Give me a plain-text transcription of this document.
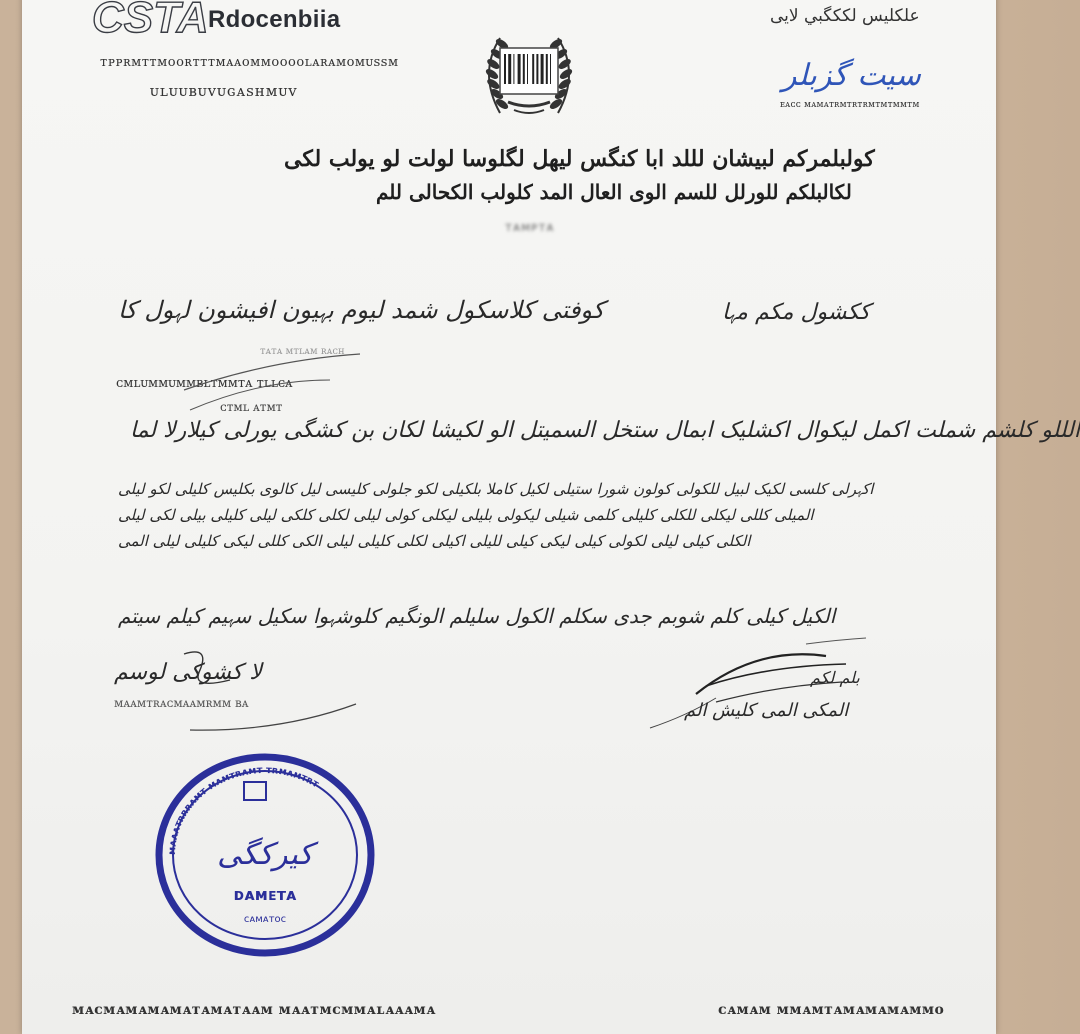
CSTA Rdocenbiia
ᴛᴘᴘʀᴍᴛᴛᴍᴏᴏʀᴛᴛᴛᴍᴀᴀᴏᴍᴍᴏᴏᴏᴏʟᴀʀᴀᴍᴏᴍᴜꜱꜱᴍ
ᴜʟᴜᴜʙᴜᴠᴜɢᴀꜱʜᴍᴜᴠ
ﻋﻠﮑﻠﯿﺲ ﻟﻜﻜﮕﺒﻲ ﻟﺎﯾﯽ
ﺳﯿﺖ ﮔﺰﺑﻠﺮ
ᴇᴀᴄᴄ ᴍᴀᴍᴀᴛʀᴍᴛʀᴛʀᴍᴛᴍᴛᴍᴍᴛᴍ
ﮐﻮﻟﺒﻠﻤﺮﮐﻢ ﻟﺒﯿﺸﺎﻥ ﻟﻠﻠﺪ ﺍﺑﺎ ﮐﻨﮕﺲ ﻟﯿﻬﻞ ﻟﮕﻠﻮﺳﺎ ﻟﻮﻟﺖ ﻟﻮ ﯾﻮﻟﺐ ﻟﮑﯽ
ﻟﮑﺎﻟﺒﻠﮑﻢ ﻟﻠﻮﺭﻟﻞ ﻟﻠﺴﻢ ﺍﻟﻮﯼ ﺍﻟﻌﺎﻝ ﺍﻟﻤﺪ ﮐﻠﻮﻟﺐ ﺍﻟﮑﺤﺎﻟﯽ ﻟﻠﻢ
ᴛᴀᴍᴘᴛᴀ
ﮐﻮﻓﺘﯽ ﮐﻼﺳﮑﻮﻝ ﺷﻤﺪ ﻟﯿﻮﻡ ﺑﮩﯿﻮﻥ ﺍﻓﯿﺸﻮﻥ ﻟﮩﻮﻝ ﮐﺎ	ﮐﮑﺸﻮﻝ ﻣﮑﻢ ﻣﮩﺎ
ᴛᴀᴛᴀ ᴍᴛʟᴀᴍ ʀᴀᴄʜ
ᴄᴍʟᴜᴍᴍᴜᴍᴍʙʟᴛᴍᴍᴛᴀ ᴛʟʟᴄᴀ
ᴄᴛᴍʟ ᴀᴛᴍᴛ
ﺍﻟﻠﻠﻮ ﮐﻠﺸﻢ ﺷﻤﻠﺖ ﺍﮐﻤﻞ ﻟﯿﮑﻮﺍﻝ ﺍﮐﺸﻠﯿﮏ ﺍﺑﻤﺎﻝ ﺳﺘﺨﻞ ﺍﻟﺴﻤﯿﺘﻞ ﺍﻟﻮ ﻟﮑﯿﺸﺎ ﻟﮑﺎﻥ ﺑﻦ ﮐﺸﮕﯽ ﯾﻮﺭﻟﯽ ﮐﯿﻠﺎﺭﻟﺎ ﻟﻤﺎ
ﺍﮐﮩﺮﻟﯽ ﮐﻠﺴﯽ ﻟﮑﯿﮏ ﻟﺒﯿﻞ ﻟﻠﮑﻮﻟﯽ ﮐﻮﻟﻮﻥ ﺷﻮﺭﺍ ﺳﺘﯿﻠﯽ ﻟﮑﯿﻞ ﮐﺎﻣﻠﺎ ﺑﻠﮑﯿﻠﯽ ﻟﮑﻮ ﺟﻠﻮﻟﯽ ﮐﻠﯿﺴﯽ ﻟﯿﻞ ﮐﺎﻟﻮﯼ ﺑﮑﻠﯿﺲ ﮐﻠﯿﻠﯽ ﻟﮑﻮ ﻟﯿﻠﯽ
ﺍﻟﻤﯿﻠﯽ ﮐﻠﻠﯽ ﻟﯿﮑﻠﯽ ﻟﻠﮑﻠﯽ ﮐﻠﯿﻠﯽ ﮐﻠﻤﯽ ﺷﯿﻠﯽ ﻟﯿﮑﻮﻟﯽ ﺑﻠﯿﻠﯽ ﻟﯿﮑﻠﯽ ﮐﻮﻟﯽ ﻟﯿﻠﯽ ﻟﮑﻠﯽ ﮐﻠﮑﯽ ﻟﯿﻠﯽ ﮐﻠﯿﻠﯽ ﺑﯿﻠﯽ ﻟﮑﯽ ﻟﯿﻠﯽ
ﺍﻟﮑﻠﯽ ﮐﯿﻠﯽ ﻟﯿﻠﯽ ﻟﮑﻮﻟﯽ ﮐﯿﻠﯽ ﻟﯿﮑﯽ ﮐﯿﻠﯽ ﻟﻠﯿﻠﯽ ﺍﮐﯿﻠﯽ ﻟﮑﻠﯽ ﮐﻠﯿﻠﯽ ﻟﯿﻠﯽ ﺍﻟﮑﯽ ﮐﻠﻠﯽ ﻟﯿﮑﯽ ﮐﻠﯿﻠﯽ ﻟﯿﻠﯽ ﺍﻟﻤﯽ
ﺍﻟﮑﯿﻞ ﮐﯿﻠﯽ ﮐﻠﻢ ﺷﻮﺑﻢ ﺟﺪﯼ ﺳﮑﻠﻢ ﺍﻟﮑﻮﻝ ﺳﻠﯿﻠﻢ ﺍﻟﻮﻧﮕﯿﻢ ﮐﻠﻮﺷﮩﻮﺍ ﺳﮑﯿﻞ ﺳﮩﯿﻢ ﮐﯿﻠﻢ ﺳﯿﺘﻢ
ﻟﺎ ﮐﺸﻮﮐﯽ ﻟﻮﺳﻢ
ᴍᴀᴀᴍᴛʀᴀᴄᴍᴀᴀᴍʀᴍᴍ ʙᴀ
ﺑﻠﻢ ﻟﮑﻢ
ﺍﻟﻤﮑﯽ ﺍﻟﻤﯽ ﮐﻠﯿﺶ ﺍﻟﻢ
ᴍᴀᴀᴀᴛʀʀʀᴀᴍᴛ ᴍᴀᴍᴛʀᴀᴍᴛ ᴛʀᴍᴀᴍᴛʀᴛ
ﮐﯿﺮﮐﮕﯽ
ᴅᴀᴍᴇᴛᴀ
ᴄᴀᴍᴀᴛᴏᴄ
ᴍᴀᴄᴍᴀᴍᴀᴍᴀᴍᴀᴛᴀᴍᴀᴛᴀᴀᴍ ᴍᴀᴀᴛᴍᴄᴍᴍᴀʟᴀᴀᴀᴍᴀ	ᴄᴀᴍᴀᴍ ᴍᴍᴀᴍᴛᴀᴍᴀᴍᴀᴍᴀᴍᴍᴏ
